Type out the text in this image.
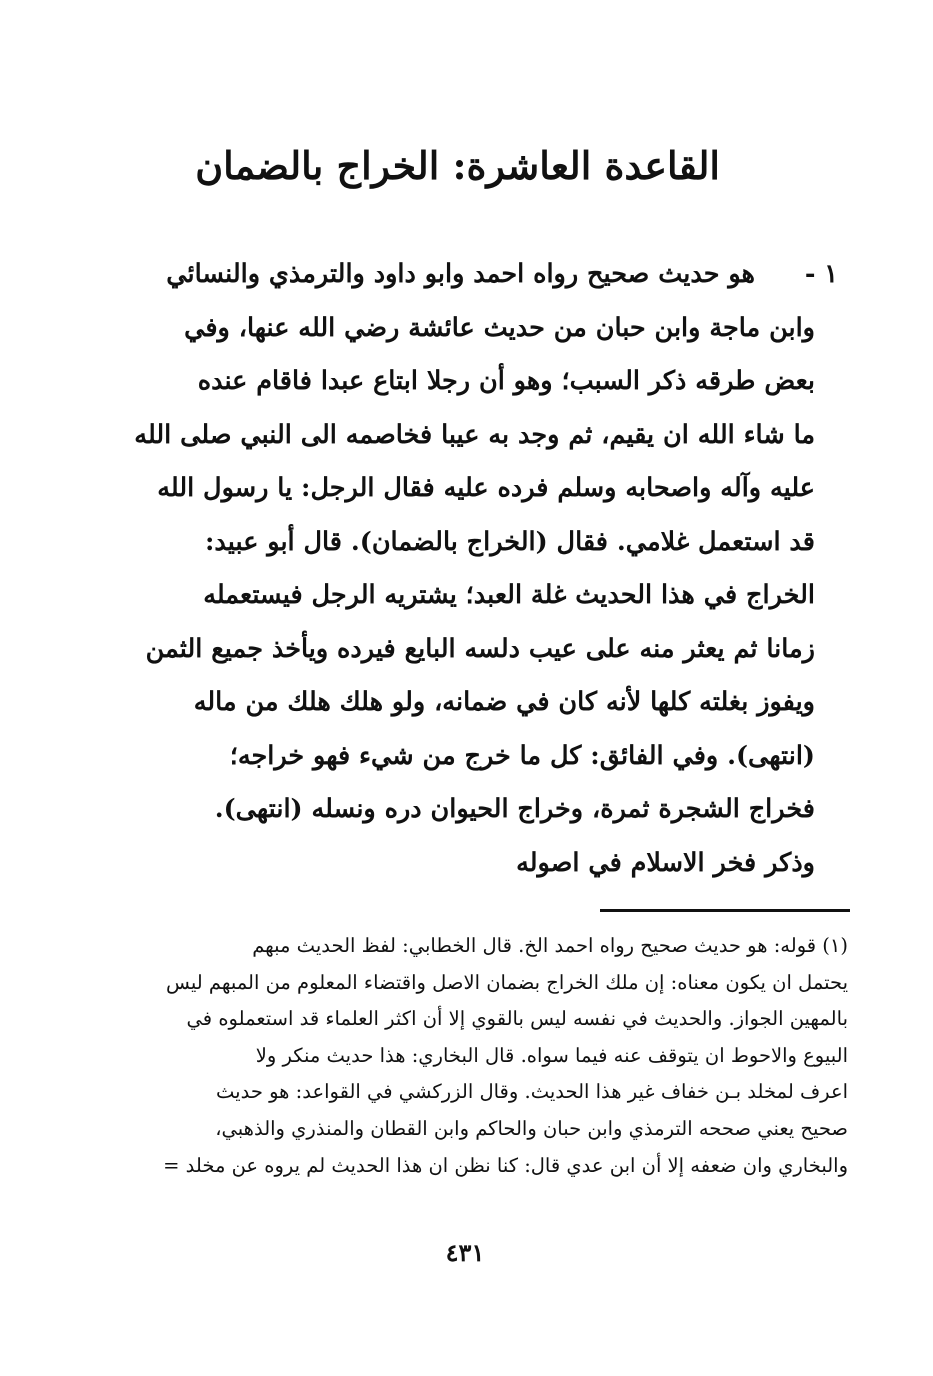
القاعدة العاشرة: الخراج بالضمان
١ -
هو حديث صحيح رواه احمد وابو داود والترمذي والنسائي
وابن ماجة وابن حبان من حديث عائشة رضي الله عنها، وفي
بعض طرقه ذكر السبب؛ وهو أن رجلا ابتاع عبدا فاقام عنده
ما شاء الله ان يقيم، ثم وجد به عيبا فخاصمه الى النبي صلى الله
عليه وآله واصحابه وسلم فرده عليه فقال الرجل: يا رسول الله
قد استعمل غلامي. فقال (الخراج بالضمان). قال أبو عبيد:
الخراج في هذا الحديث غلة العبد؛ يشتريه الرجل فيستعمله
زمانا ثم يعثر منه على عيب دلسه البايع فيرده ويأخذ جميع الثمن
ويفوز بغلته كلها لأنه كان في ضمانه، ولو هلك هلك من ماله
(انتهى). وفي الفائق: كل ما خرج من شيء فهو خراجه؛
فخراج الشجرة ثمرة، وخراج الحيوان دره ونسله (انتهى).
وذكر فخر الاسلام في اصوله
(١) قوله: هو حديث صحيح رواه احمد الخ. قال الخطابي: لفظ الحديث مبهم
يحتمل ان يكون معناه: إن ملك الخراج بضمان الاصل واقتضاء المعلوم من المبهم ليس
بالمهين الجواز. والحديث في نفسه ليس بالقوي إلا أن اكثر العلماء قد استعملوه في
البيوع والاحوط ان يتوقف عنه فيما سواه. قال البخاري: هذا حديث منكر ولا
اعرف لمخلد بـن خفاف غير هذا الحديث. وقال الزركشي في القواعد: هو حديث
صحيح يعني صححه الترمذي وابن حبان والحاكم وابن القطان والمنذري والذهبي،
والبخاري وان ضعفه إلا أن ابن عدي قال: كنا نظن ان هذا الحديث لم يروه عن مخلد =
٤٣١
